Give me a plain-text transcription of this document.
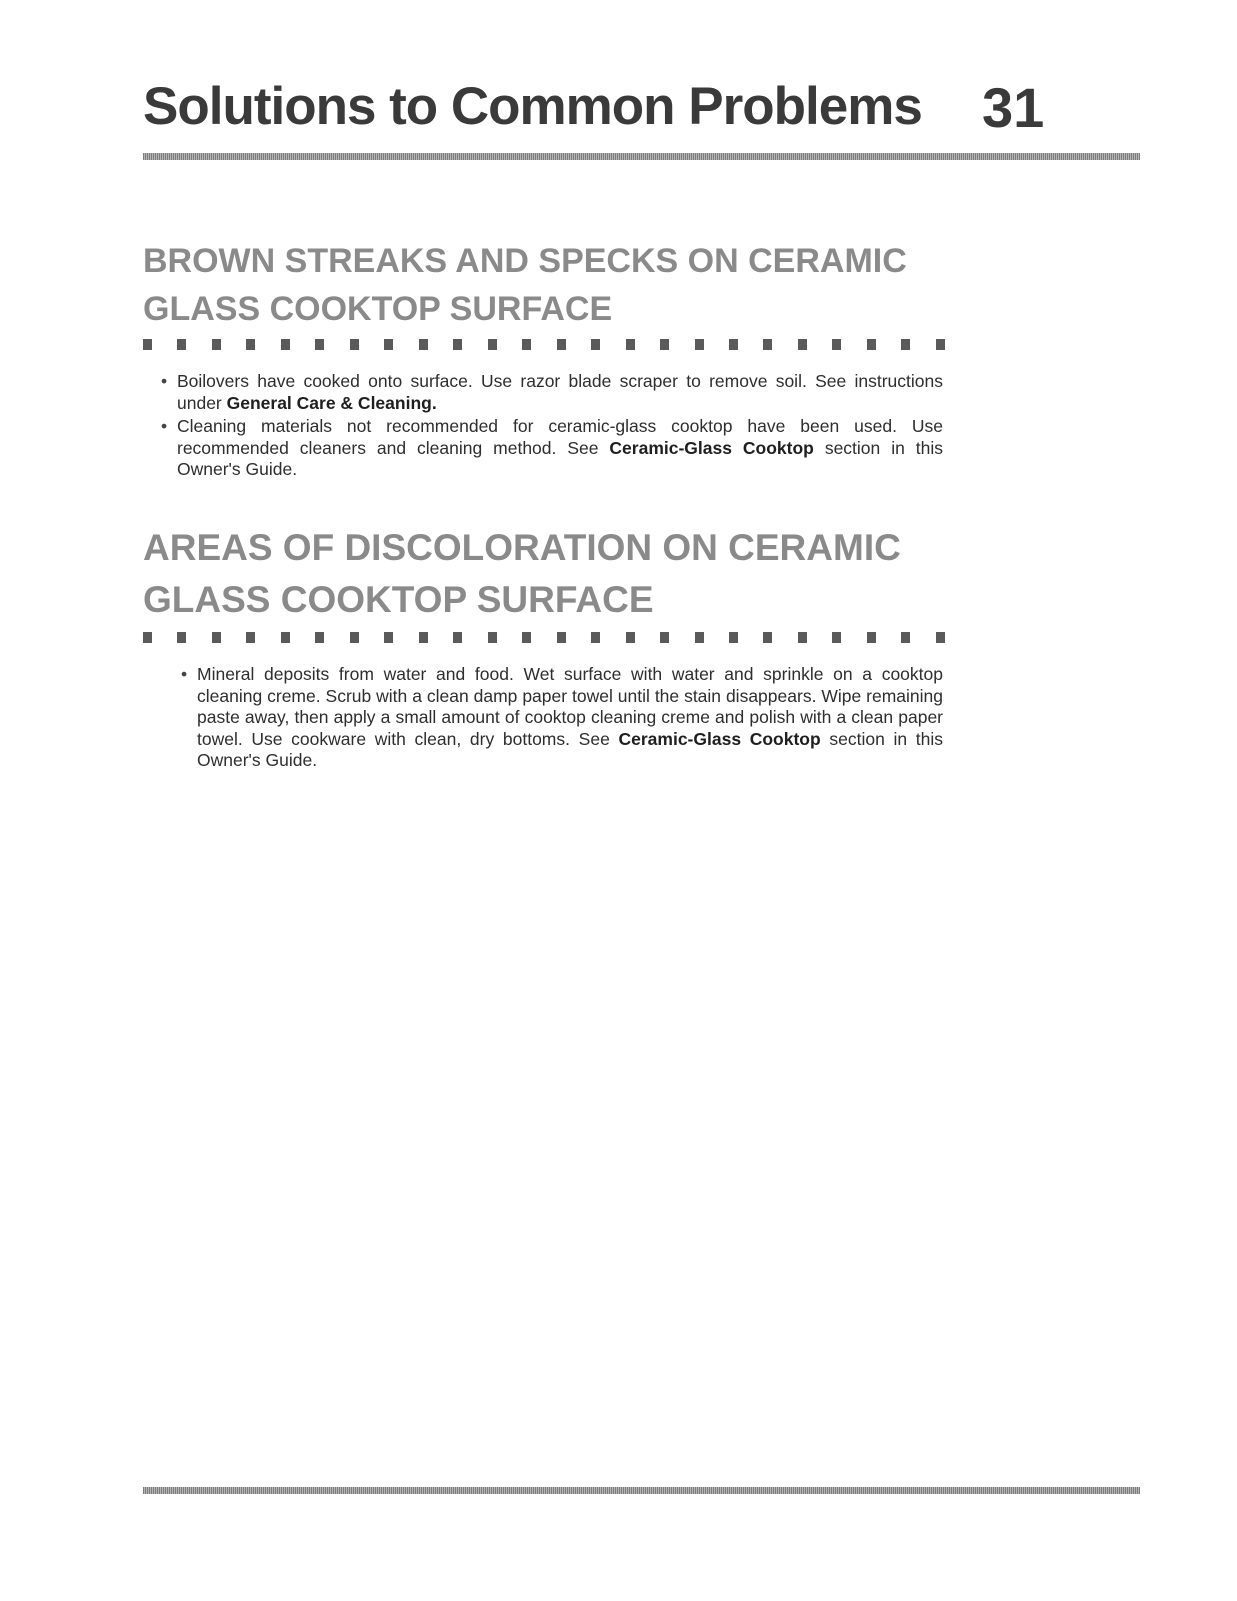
Solutions to Common Problems 31
BROWN STREAKS AND SPECKS ON CERAMIC GLASS COOKTOP SURFACE
• Boilovers have cooked onto surface. Use razor blade scraper to remove soil. See instructions under General Care & Cleaning.
• Cleaning materials not recommended for ceramic-glass cooktop have been used. Use recommended cleaners and cleaning method. See Ceramic-Glass Cooktop section in this Owner's Guide.
AREAS OF DISCOLORATION ON CERAMIC GLASS COOKTOP SURFACE
• Mineral deposits from water and food. Wet surface with water and sprinkle on a cooktop cleaning creme. Scrub with a clean damp paper towel until the stain disappears. Wipe remaining paste away, then apply a small amount of cooktop cleaning creme and polish with a clean paper towel. Use cookware with clean, dry bottoms. See Ceramic-Glass Cooktop section in this Owner's Guide.
